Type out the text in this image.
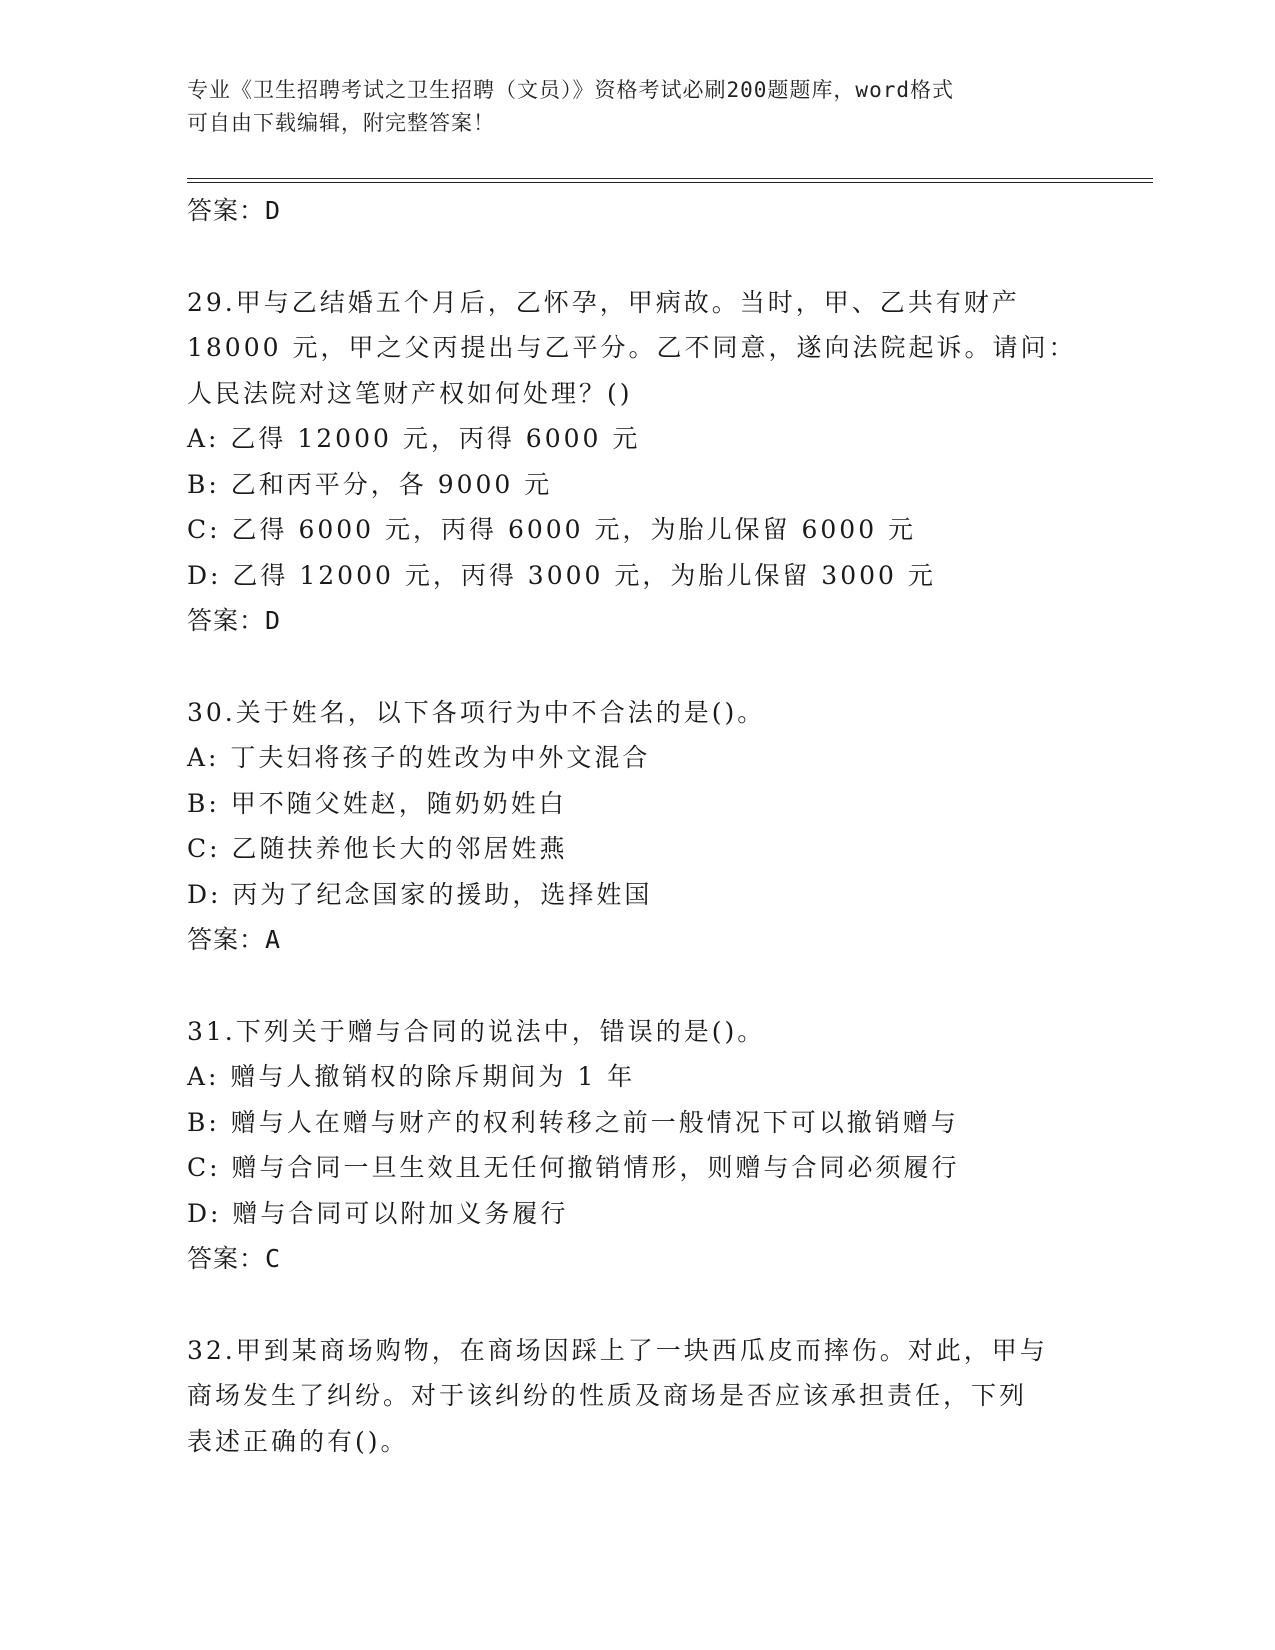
专业《卫生招聘考试之卫生招聘（文员）》资格考试必刷200题题库，word格式
可自由下载编辑，附完整答案！
答案：D
29.甲与乙结婚五个月后，乙怀孕，甲病故。当时，甲、乙共有财产
18000 元，甲之父丙提出与乙平分。乙不同意，遂向法院起诉。请问：
人民法院对这笔财产权如何处理？()
A: 乙得 12000 元，丙得 6000 元
B: 乙和丙平分，各 9000 元
C: 乙得 6000 元，丙得 6000 元，为胎儿保留 6000 元
D: 乙得 12000 元，丙得 3000 元，为胎儿保留 3000 元
答案：D
30.关于姓名，以下各项行为中不合法的是()。
A: 丁夫妇将孩子的姓改为中外文混合
B: 甲不随父姓赵，随奶奶姓白
C: 乙随扶养他长大的邻居姓燕
D: 丙为了纪念国家的援助，选择姓国
答案：A
31.下列关于赠与合同的说法中，错误的是()。
A: 赠与人撤销权的除斥期间为 1 年
B: 赠与人在赠与财产的权利转移之前一般情况下可以撤销赠与
C: 赠与合同一旦生效且无任何撤销情形，则赠与合同必须履行
D: 赠与合同可以附加义务履行
答案：C
32.甲到某商场购物，在商场因踩上了一块西瓜皮而摔伤。对此，甲与
商场发生了纠纷。对于该纠纷的性质及商场是否应该承担责任，下列
表述正确的有()。
